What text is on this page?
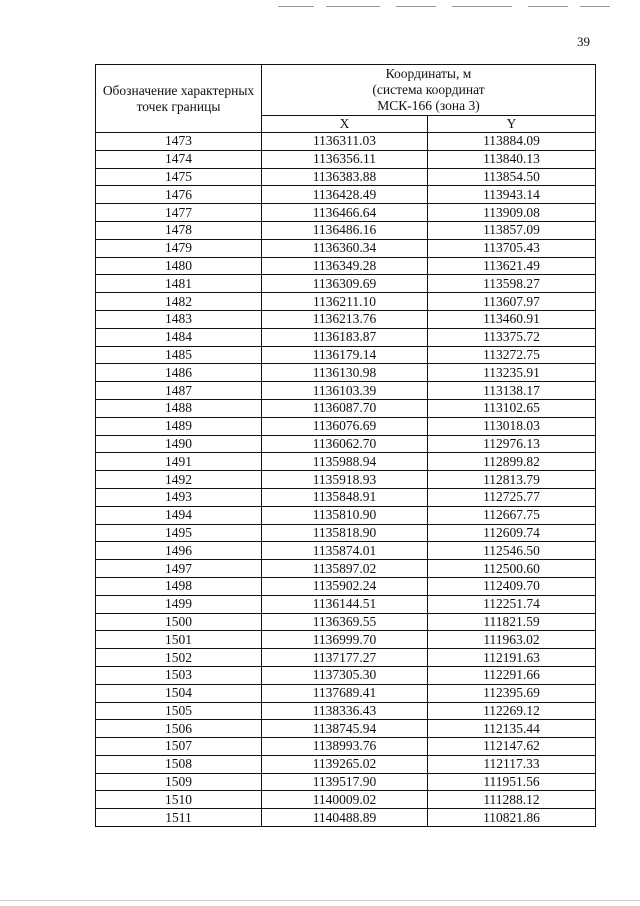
39
Обозначение характерных точек границы	Координаты, м
(система координат
МСК-166 (зона 3)	

	X	Y
1473	1136311.03	113884.09
1474	1136356.11	113840.13
1475	1136383.88	113854.50
1476	1136428.49	113943.14
1477	1136466.64	113909.08
1478	1136486.16	113857.09
1479	1136360.34	113705.43
1480	1136349.28	113621.49
1481	1136309.69	113598.27
1482	1136211.10	113607.97
1483	1136213.76	113460.91
1484	1136183.87	113375.72
1485	1136179.14	113272.75
1486	1136130.98	113235.91
1487	1136103.39	113138.17
1488	1136087.70	113102.65
1489	1136076.69	113018.03
1490	1136062.70	112976.13
1491	1135988.94	112899.82
1492	1135918.93	112813.79
1493	1135848.91	112725.77
1494	1135810.90	112667.75
1495	1135818.90	112609.74
1496	1135874.01	112546.50
1497	1135897.02	112500.60
1498	1135902.24	112409.70
1499	1136144.51	112251.74
1500	1136369.55	111821.59
1501	1136999.70	111963.02
1502	1137177.27	112191.63
1503	1137305.30	112291.66
1504	1137689.41	112395.69
1505	1138336.43	112269.12
1506	1138745.94	112135.44
1507	1138993.76	112147.62
1508	1139265.02	112117.33
1509	1139517.90	111951.56
1510	1140009.02	111288.12
1511	1140488.89	110821.86
